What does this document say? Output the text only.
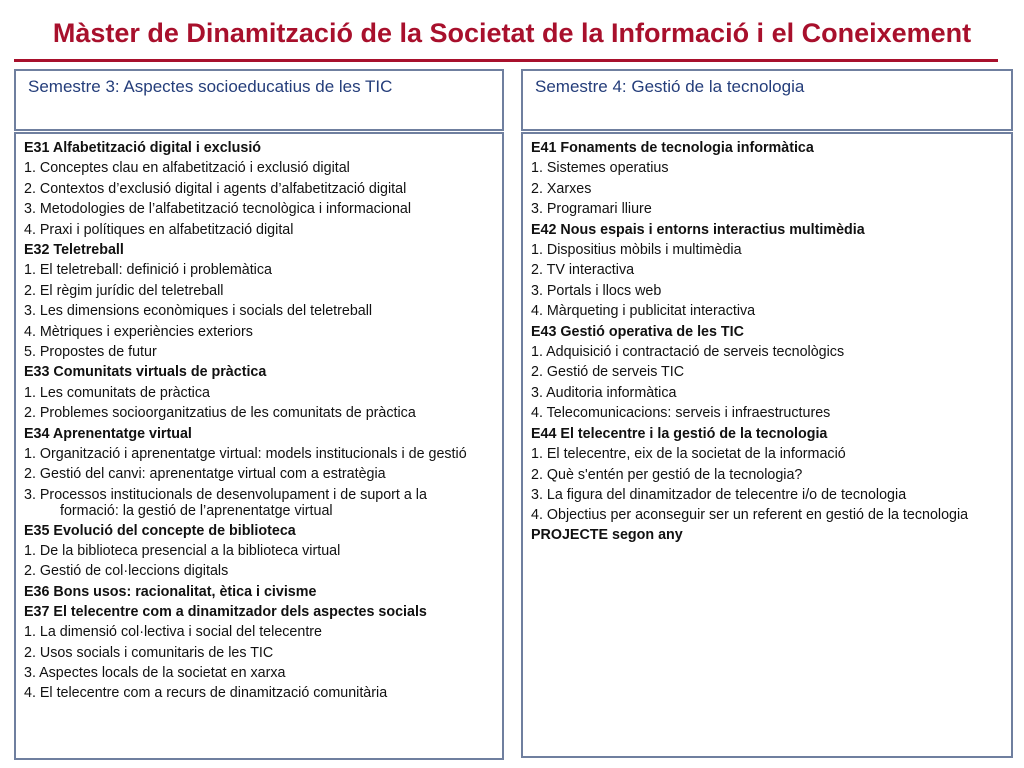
Màster de Dinamització de la Societat de la Informació i el Coneixement
Semestre 3: Aspectes socioeducatius de les TIC	Semestre 4: Gestió de la tecnologia
E31 Alfabetització digital i exclusió
1. Conceptes clau en alfabetització i exclusió digital
2. Contextos d’exclusió digital i agents d’alfabetització digital
3. Metodologies de l’alfabetització tecnològica i informacional
4. Praxi i polítiques en alfabetització digital
E32 Teletreball
1. El teletreball: definició i problemàtica
2. El règim jurídic del teletreball
3. Les dimensions econòmiques i socials del teletreball
4. Mètriques i experiències exteriors
5. Propostes de futur
E33 Comunitats virtuals de pràctica
1. Les comunitats de pràctica
2. Problemes socioorganitzatius de les comunitats de pràctica
E34 Aprenentatge virtual
1. Organització i aprenentatge virtual: models institucionals i de gestió
2. Gestió del canvi: aprenentatge virtual com a estratègia
3. Processos institucionals de desenvolupament i de suport a la formació: la gestió de l’aprenentatge virtual
E35 Evolució del concepte de biblioteca
1. De la biblioteca presencial a la biblioteca virtual
2. Gestió de col·leccions digitals
E36 Bons usos: racionalitat, ètica i civisme
E37 El telecentre com a dinamitzador dels aspectes socials
1. La dimensió col·lectiva i social del telecentre
2. Usos socials i comunitaris de les TIC
3. Aspectes locals de la societat en xarxa
4. El telecentre com a recurs de dinamització comunitària
E41 Fonaments de tecnologia informàtica
1. Sistemes operatius
2. Xarxes
3. Programari lliure
E42 Nous espais i entorns interactius multimèdia
1. Dispositius mòbils i multimèdia
2. TV interactiva
3. Portals i llocs web
4. Màrqueting i publicitat interactiva
E43 Gestió operativa de les TIC
1. Adquisició i contractació de serveis tecnològics
2. Gestió de serveis TIC
3. Auditoria informàtica
4. Telecomunicacions: serveis i infraestructures
E44 El telecentre i la gestió de la tecnologia
1. El telecentre, eix de la societat de la informació
2. Què s'entén per gestió de la tecnologia?
3. La figura del dinamitzador de telecentre i/o de tecnologia
4. Objectius per aconseguir ser un referent en gestió de la tecnologia
PROJECTE segon any
